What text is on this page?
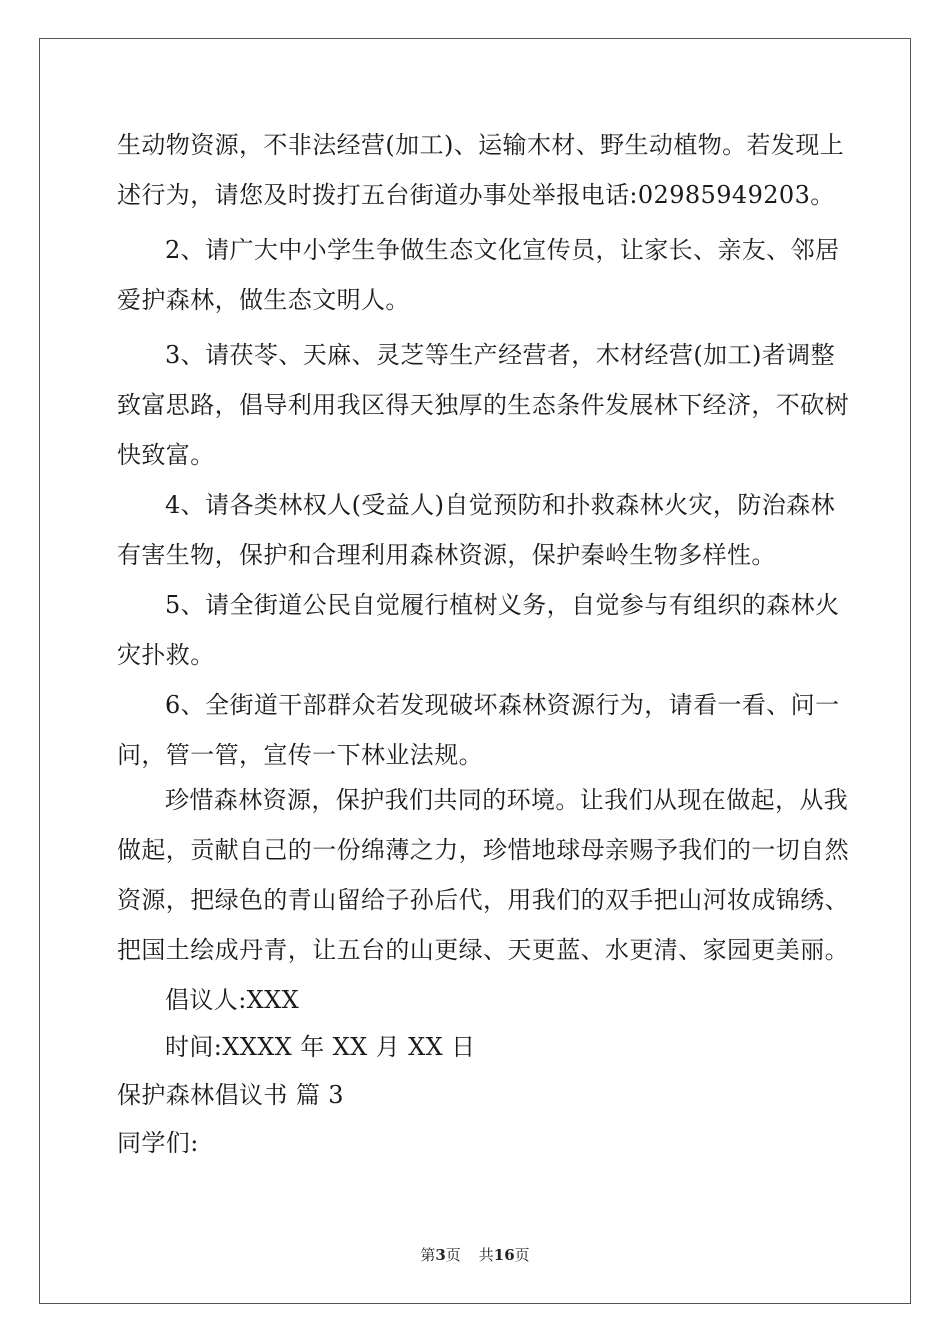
生动物资源，不非法经营(加工)、运输木材、野生动植物。若发现上
述行为，请您及时拨打五台街道办事处举报电话:02985949203。
2、请广大中小学生争做生态文化宣传员，让家长、亲友、邻居
爱护森林，做生态文明人。
3、请茯苓、天麻、灵芝等生产经营者，木材经营(加工)者调整
致富思路，倡导利用我区得天独厚的生态条件发展林下经济，不砍树
快致富。
4、请各类林权人(受益人)自觉预防和扑救森林火灾，防治森林
有害生物，保护和合理利用森林资源，保护秦岭生物多样性。
5、请全街道公民自觉履行植树义务，自觉参与有组织的森林火
灾扑救。
6、全街道干部群众若发现破坏森林资源行为，请看一看、问一
问，管一管，宣传一下林业法规。
珍惜森林资源，保护我们共同的环境。让我们从现在做起，从我
做起，贡献自己的一份绵薄之力，珍惜地球母亲赐予我们的一切自然
资源，把绿色的青山留给子孙后代，用我们的双手把山河妆成锦绣、
把国土绘成丹青，让五台的山更绿、天更蓝、水更清、家园更美丽。
倡议人:XXX
时间:XXXX 年 XX 月 XX 日
保护森林倡议书 篇 3
同学们:
第3页 共16页
